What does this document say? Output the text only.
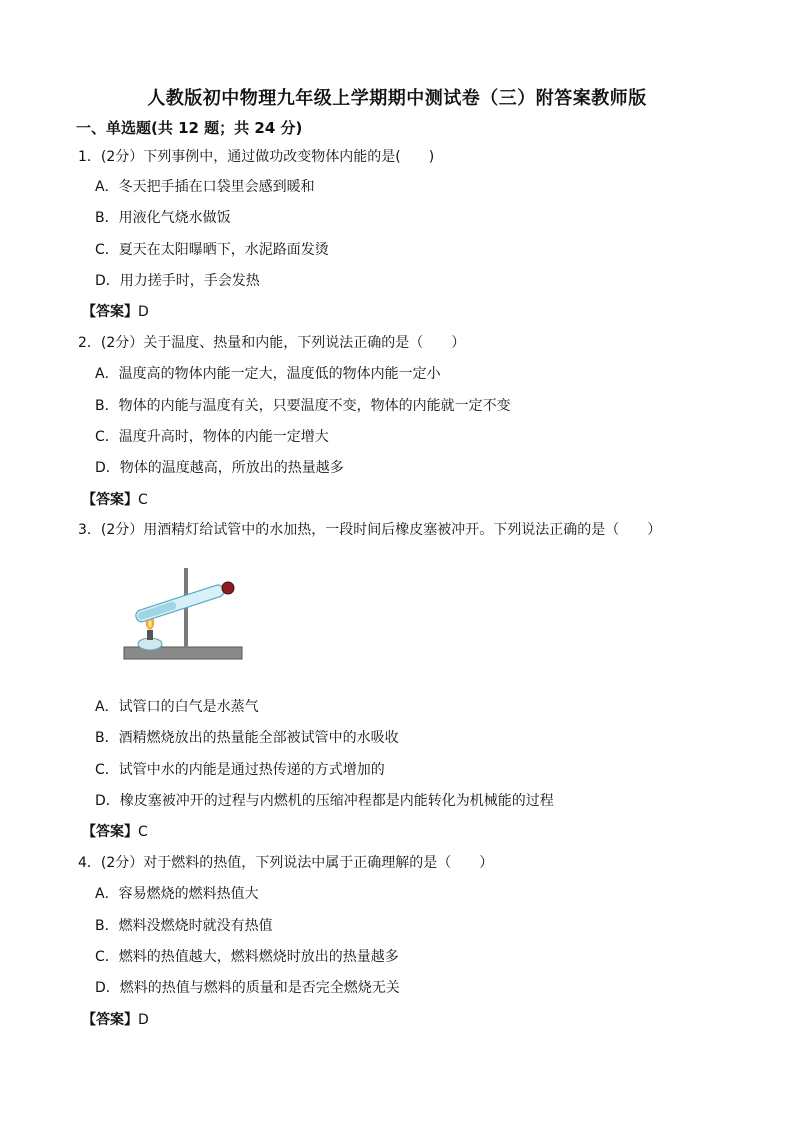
人教版初中物理九年级上学期期中测试卷（三）附答案教师版
一、单选题(共 12 题；共 24 分)
1．(2分）下列事例中，通过做功改变物体内能的是(　　)
A．冬天把手插在口袋里会感到暖和
B．用液化气烧水做饭
C．夏天在太阳曝晒下，水泥路面发烫
D．用力搓手时，手会发热
【答案】D
2．(2分）关于温度、热量和内能，下列说法正确的是（　　）
A．温度高的物体内能一定大，温度低的物体内能一定小
B．物体的内能与温度有关，只要温度不变，物体的内能就一定不变
C．温度升高时，物体的内能一定增大
D．物体的温度越高，所放出的热量越多
【答案】C
3．(2分）用酒精灯给试管中的水加热，一段时间后橡皮塞被冲开。下列说法正确的是（　　）
A．试管口的白气是水蒸气
B．酒精燃烧放出的热量能全部被试管中的水吸收
C．试管中水的内能是通过热传递的方式增加的
D．橡皮塞被冲开的过程与内燃机的压缩冲程都是内能转化为机械能的过程
【答案】C
4．(2分）对于燃料的热值，下列说法中属于正确理解的是（　　）
A．容易燃烧的燃料热值大
B．燃料没燃烧时就没有热值
C．燃料的热值越大，燃料燃烧时放出的热量越多
D．燃料的热值与燃料的质量和是否完全燃烧无关
【答案】D
